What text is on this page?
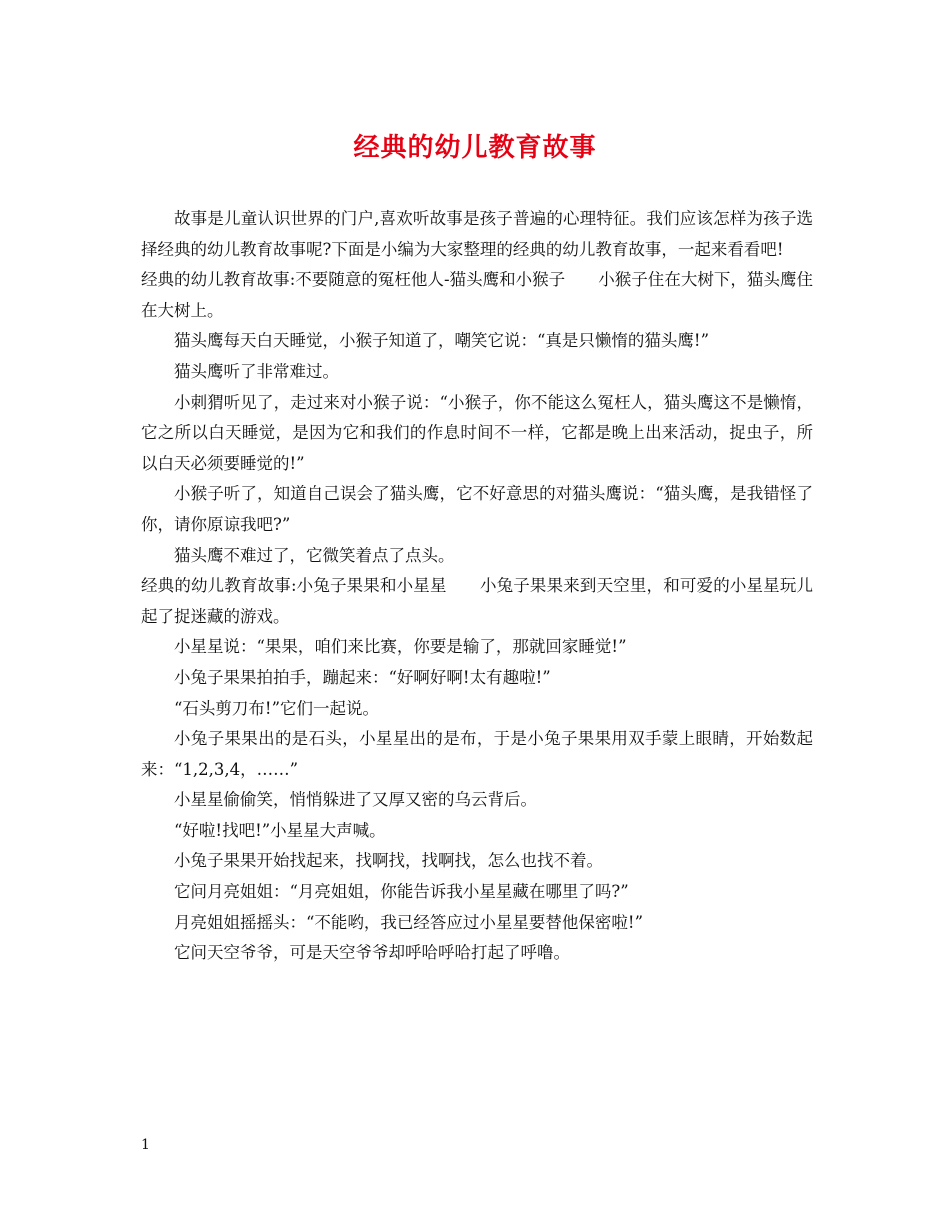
经典的幼儿教育故事

故事是儿童认识世界的门户,喜欢听故事是孩子普遍的心理特征。我们应该怎样为孩子选择经典的幼儿教育故事呢?下面是小编为大家整理的经典的幼儿教育故事，一起来看看吧!

经典的幼儿教育故事:不要随意的冤枉他人-猫头鹰和小猴子　　小猴子住在大树下，猫头鹰住在大树上。

猫头鹰每天白天睡觉，小猴子知道了，嘲笑它说：“真是只懒惰的猫头鹰!”

猫头鹰听了非常难过。

小刺猬听见了，走过来对小猴子说：“小猴子，你不能这么冤枉人，猫头鹰这不是懒惰，它之所以白天睡觉，是因为它和我们的作息时间不一样，它都是晚上出来活动，捉虫子，所以白天必须要睡觉的!”

小猴子听了，知道自己误会了猫头鹰，它不好意思的对猫头鹰说：“猫头鹰，是我错怪了你，请你原谅我吧?”

猫头鹰不难过了，它微笑着点了点头。

经典的幼儿教育故事:小兔子果果和小星星　　小兔子果果来到天空里，和可爱的小星星玩儿起了捉迷藏的游戏。

小星星说：“果果，咱们来比赛，你要是输了，那就回家睡觉!”

小兔子果果拍拍手，蹦起来：“好啊好啊!太有趣啦!”

“石头剪刀布!”它们一起说。

小兔子果果出的是石头，小星星出的是布，于是小兔子果果用双手蒙上眼睛，开始数起来：“1,2,3,4，……”

小星星偷偷笑，悄悄躲进了又厚又密的乌云背后。

“好啦!找吧!”小星星大声喊。

小兔子果果开始找起来，找啊找，找啊找，怎么也找不着。

它问月亮姐姐：“月亮姐姐，你能告诉我小星星藏在哪里了吗?”

月亮姐姐摇摇头：“不能哟，我已经答应过小星星要替他保密啦!”

它问天空爷爷，可是天空爷爷却呼哈呼哈打起了呼噜。

1
